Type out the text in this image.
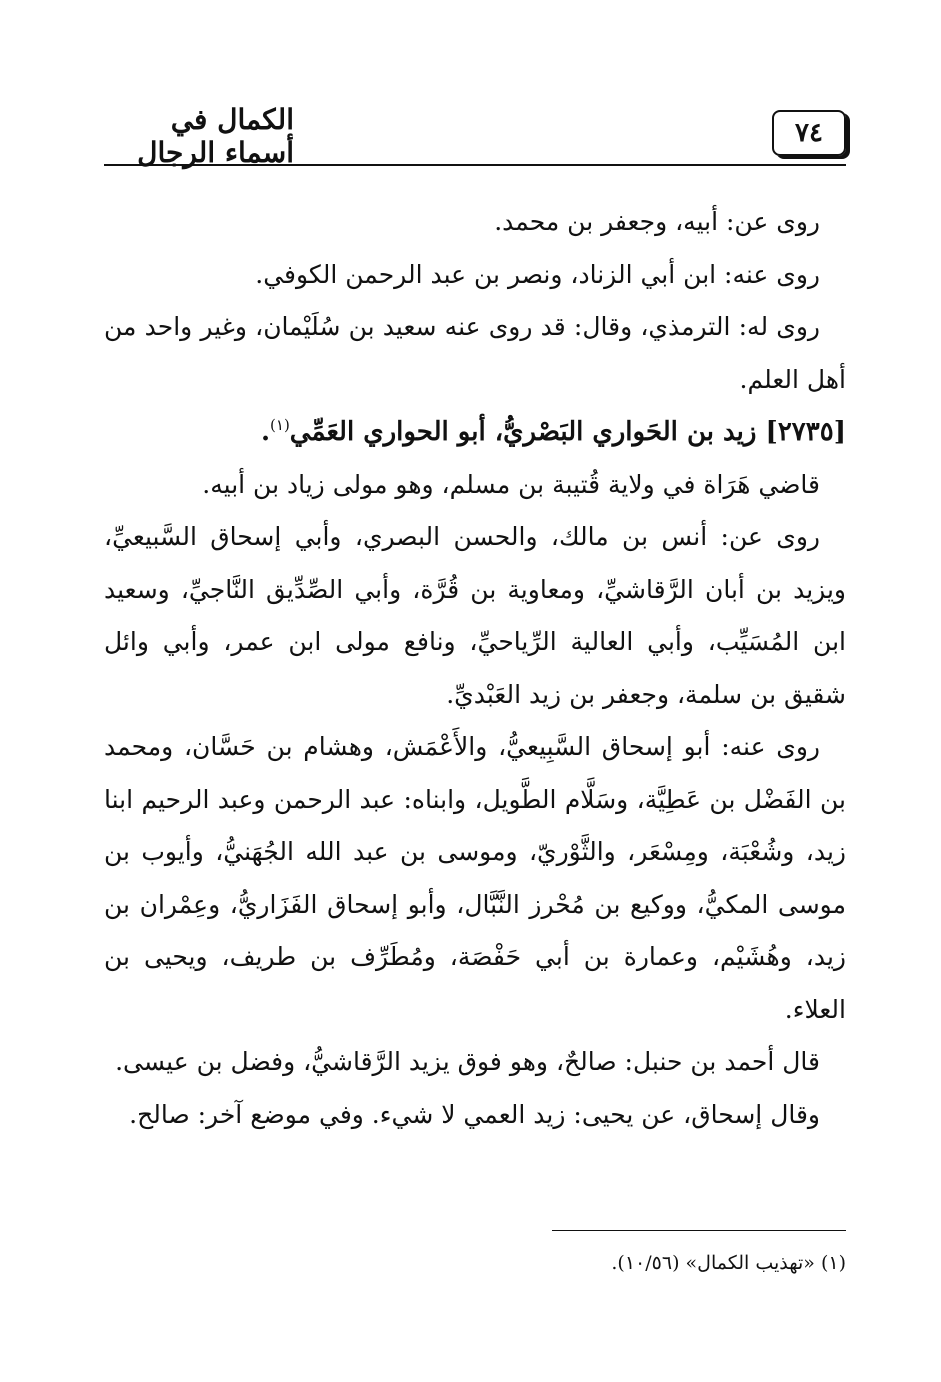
الكمال في أسماء الرجال
٧٤

روى عن: أبيه، وجعفر بن محمد.

روى عنه: ابن أبي الزناد، ونصر بن عبد الرحمن الكوفي.

روى له: الترمذي، وقال: قد روى عنه سعيد بن سُلَيْمان، وغير واحد من أهل العلم.

[٢٧٣٥] زيد بن الحَواري البَصْريُّ، أبو الحواري العَمِّي$^{(١)}$.

قاضي هَرَاة في ولاية قُتيبة بن مسلم، وهو مولى زياد بن أبيه.

روى عن: أنس بن مالك، والحسن البصري، وأبي إسحاق السَّبيعيِّ، ويزيد بن أبان الرَّقاشيِّ، ومعاوية بن قُرَّة، وأبي الصِّدِّيق النَّاجيِّ، وسعيد ابن المُسَيِّب، وأبي العالية الرِّياحيِّ، ونافع مولى ابن عمر، وأبي وائل شقيق بن سلمة، وجعفر بن زيد العَبْديِّ.

روى عنه: أبو إسحاق السَّبِيعيُّ، والأَعْمَش، وهشام بن حَسَّان، ومحمد بن الفَضْل بن عَطِيَّة، وسَلَّام الطَّويل، وابناه: عبد الرحمن وعبد الرحيم ابنا زيد، وشُعْبَة، ومِسْعَر، والثَّوْريّ، وموسى بن عبد الله الجُهَنيُّ، وأيوب بن موسى المكيُّ، ووكيع بن مُحْرز النَّبَّال، وأبو إسحاق الفَزَاريُّ، وعِمْران بن زيد، وهُشَيْم، وعمارة بن أبي حَفْصَة، ومُطَرِّف بن طريف، ويحيى بن العلاء.

قال أحمد بن حنبل: صالحٌ، وهو فوق يزيد الرَّقاشيُّ، وفضل بن عيسى.

وقال إسحاق، عن يحيى: زيد العمي لا شيء. وفي موضع آخر: صالح.

(١) «تهذيب الكمال» (١٠/٥٦).
